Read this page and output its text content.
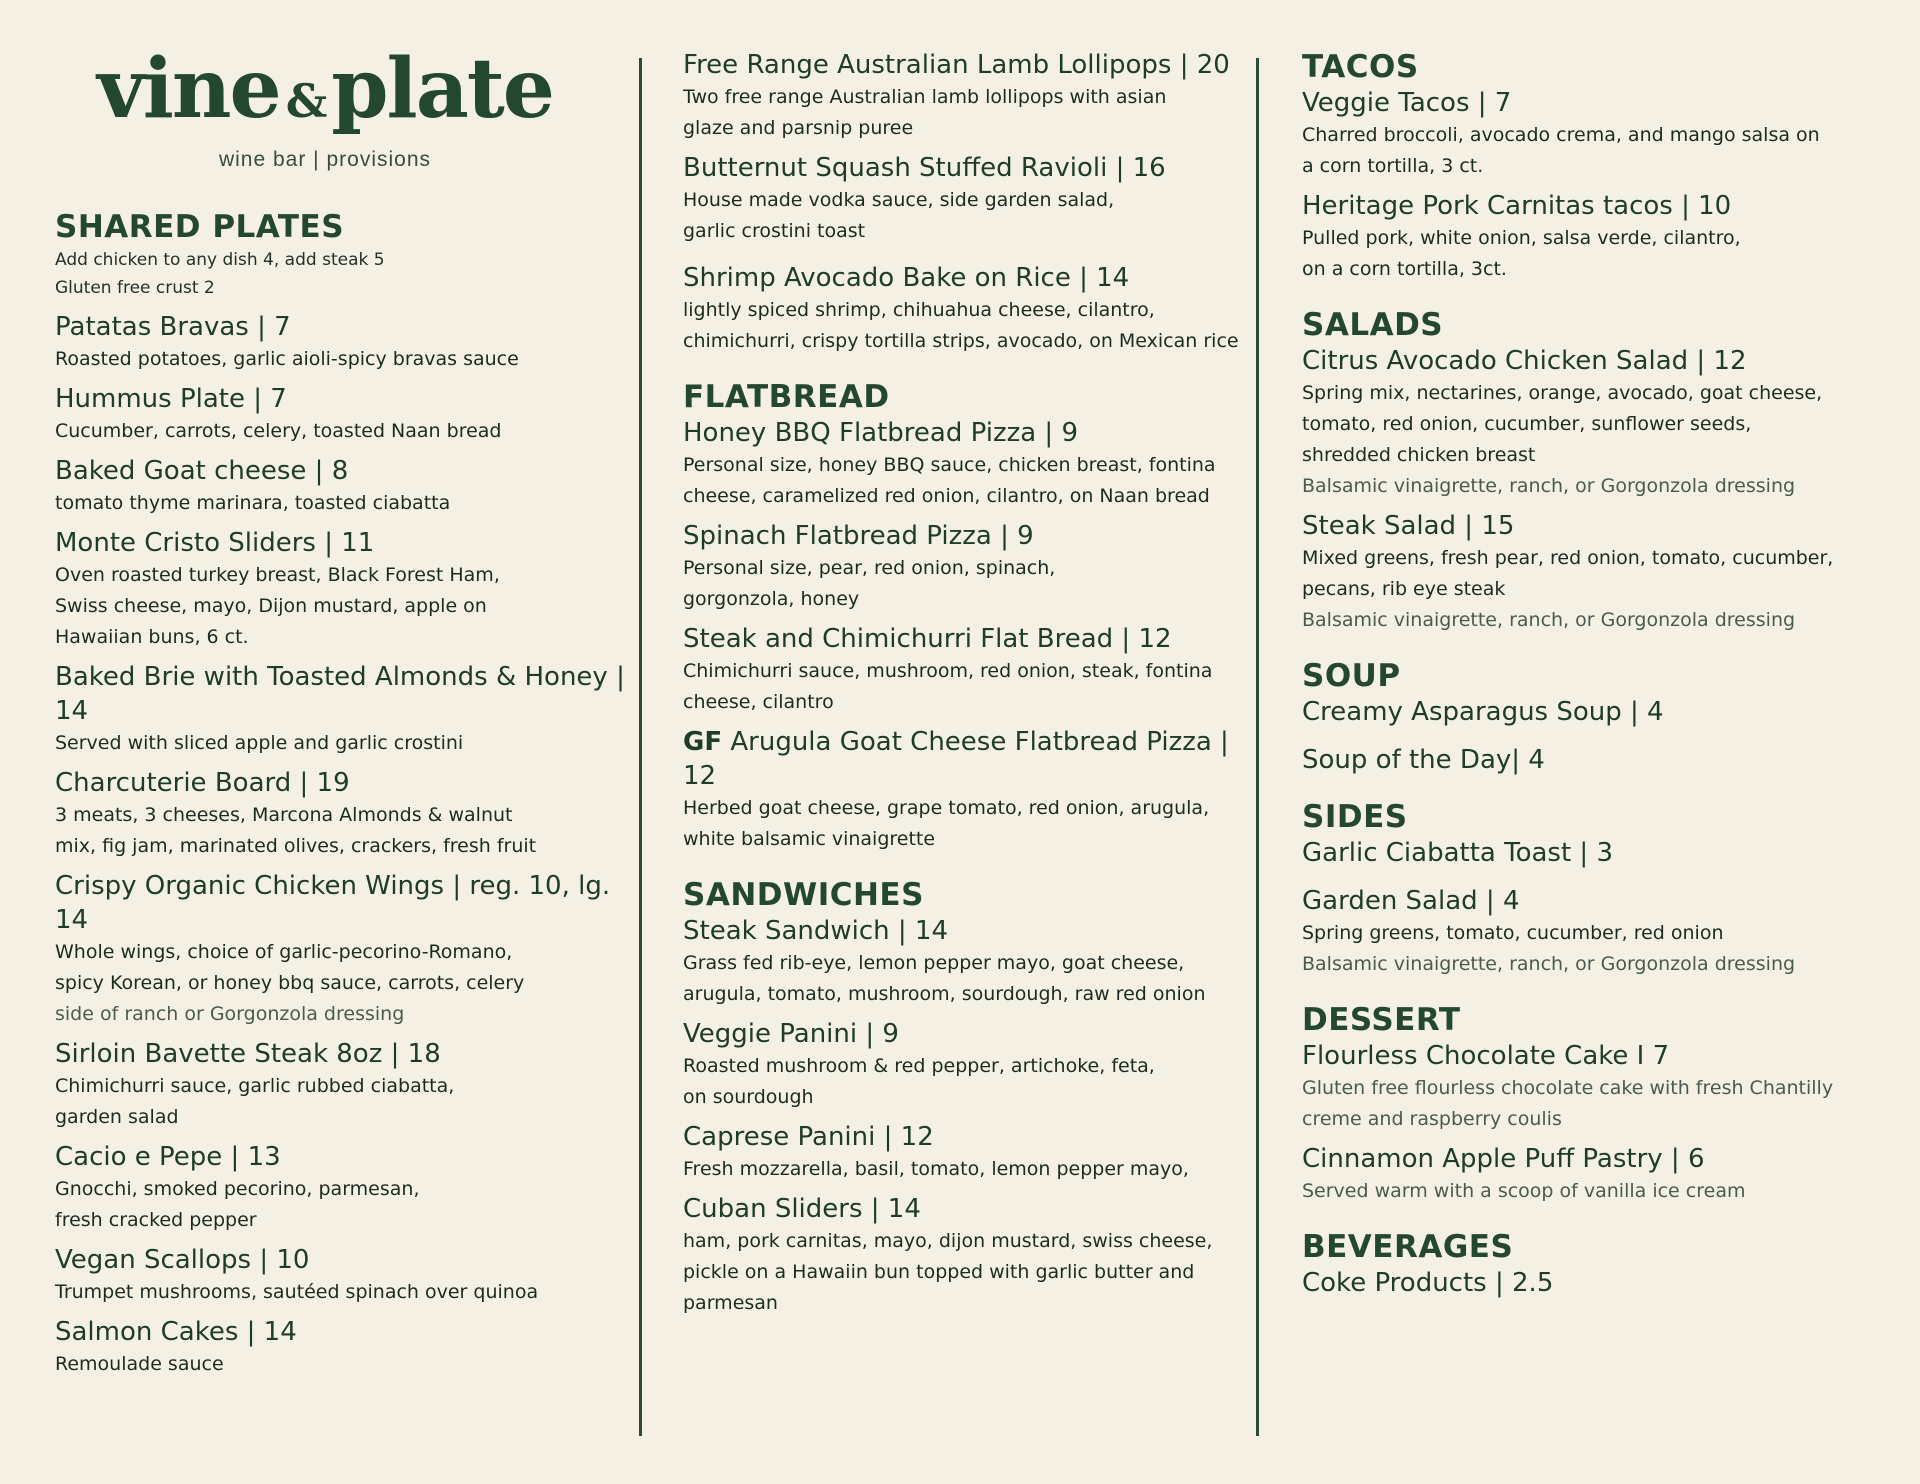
vine &plate
wine bar | provisions
SHARED PLATES
Add chicken to any dish 4, add steak 5
Gluten free crust 2
Patatas Bravas | 7
Roasted potatoes, garlic aioli-spicy bravas sauce
Hummus Plate | 7
Cucumber, carrots, celery, toasted Naan bread
Baked Goat cheese | 8
tomato thyme marinara, toasted ciabatta
Monte Cristo Sliders | 11
Oven roasted turkey breast, Black Forest Ham,
Swiss cheese, mayo, Dijon mustard, apple on
Hawaiian buns, 6 ct.
Baked Brie with Toasted Almonds & Honey | 14
Served with sliced apple and garlic crostini
Charcuterie Board | 19
3 meats, 3 cheeses, Marcona Almonds & walnut
mix, fig jam, marinated olives, crackers, fresh fruit
Crispy Organic Chicken Wings | reg. 10, lg. 14
Whole wings, choice of garlic-pecorino-Romano,
spicy Korean, or honey bbq sauce, carrots, celery
side of ranch or Gorgonzola dressing
Sirloin Bavette Steak 8oz | 18
Chimichurri sauce, garlic rubbed ciabatta,
garden salad
Cacio e Pepe | 13
Gnocchi, smoked pecorino, parmesan,
fresh cracked pepper
Vegan Scallops | 10
Trumpet mushrooms, sautéed spinach over quinoa
Salmon Cakes | 14
Remoulade sauce
Free Range Australian Lamb Lollipops | 20
Two free range Australian lamb lollipops with asian
glaze and parsnip puree
Butternut Squash Stuffed Ravioli | 16
House made vodka sauce, side garden salad,
garlic crostini toast
Shrimp Avocado Bake on Rice | 14
lightly spiced shrimp, chihuahua cheese, cilantro,
chimichurri, crispy tortilla strips, avocado, on Mexican rice
FLATBREAD
Honey BBQ Flatbread Pizza | 9
Personal size, honey BBQ sauce, chicken breast, fontina
cheese, caramelized red onion, cilantro, on Naan bread
Spinach Flatbread Pizza | 9
Personal size, pear, red onion, spinach,
gorgonzola, honey
Steak and Chimichurri Flat Bread | 12
Chimichurri sauce, mushroom, red onion, steak, fontina
cheese, cilantro
GF Arugula Goat Cheese Flatbread Pizza | 12
Herbed goat cheese, grape tomato, red onion, arugula,
white balsamic vinaigrette
SANDWICHES
Steak Sandwich | 14
Grass fed rib-eye, lemon pepper mayo, goat cheese,
arugula, tomato, mushroom, sourdough, raw red onion
Veggie Panini | 9
Roasted mushroom & red pepper, artichoke, feta,
on sourdough
Caprese Panini | 12
Fresh mozzarella, basil, tomato, lemon pepper mayo,
Cuban Sliders | 14
ham, pork carnitas, mayo, dijon mustard, swiss cheese,
pickle on a Hawaiin bun topped with garlic butter and
parmesan
TACOS
Veggie Tacos | 7
Charred broccoli, avocado crema, and mango salsa on
a corn tortilla, 3 ct.
Heritage Pork Carnitas tacos | 10
Pulled pork, white onion, salsa verde, cilantro,
on a corn tortilla, 3ct.
SALADS
Citrus Avocado Chicken Salad | 12
Spring mix, nectarines, orange, avocado, goat cheese,
tomato, red onion, cucumber, sunflower seeds,
shredded chicken breast
Balsamic vinaigrette, ranch, or Gorgonzola dressing
Steak Salad | 15
Mixed greens, fresh pear, red onion, tomato, cucumber,
pecans, rib eye steak
Balsamic vinaigrette, ranch, or Gorgonzola dressing
SOUP
Creamy Asparagus Soup | 4
Soup of the Day| 4
SIDES
Garlic Ciabatta Toast | 3
Garden Salad | 4
Spring greens, tomato, cucumber, red onion
Balsamic vinaigrette, ranch, or Gorgonzola dressing
DESSERT
Flourless Chocolate Cake I 7
Gluten free flourless chocolate cake with fresh Chantilly
creme and raspberry coulis
Cinnamon Apple Puff Pastry | 6
Served warm with a scoop of vanilla ice cream
BEVERAGES
Coke Products | 2.5
